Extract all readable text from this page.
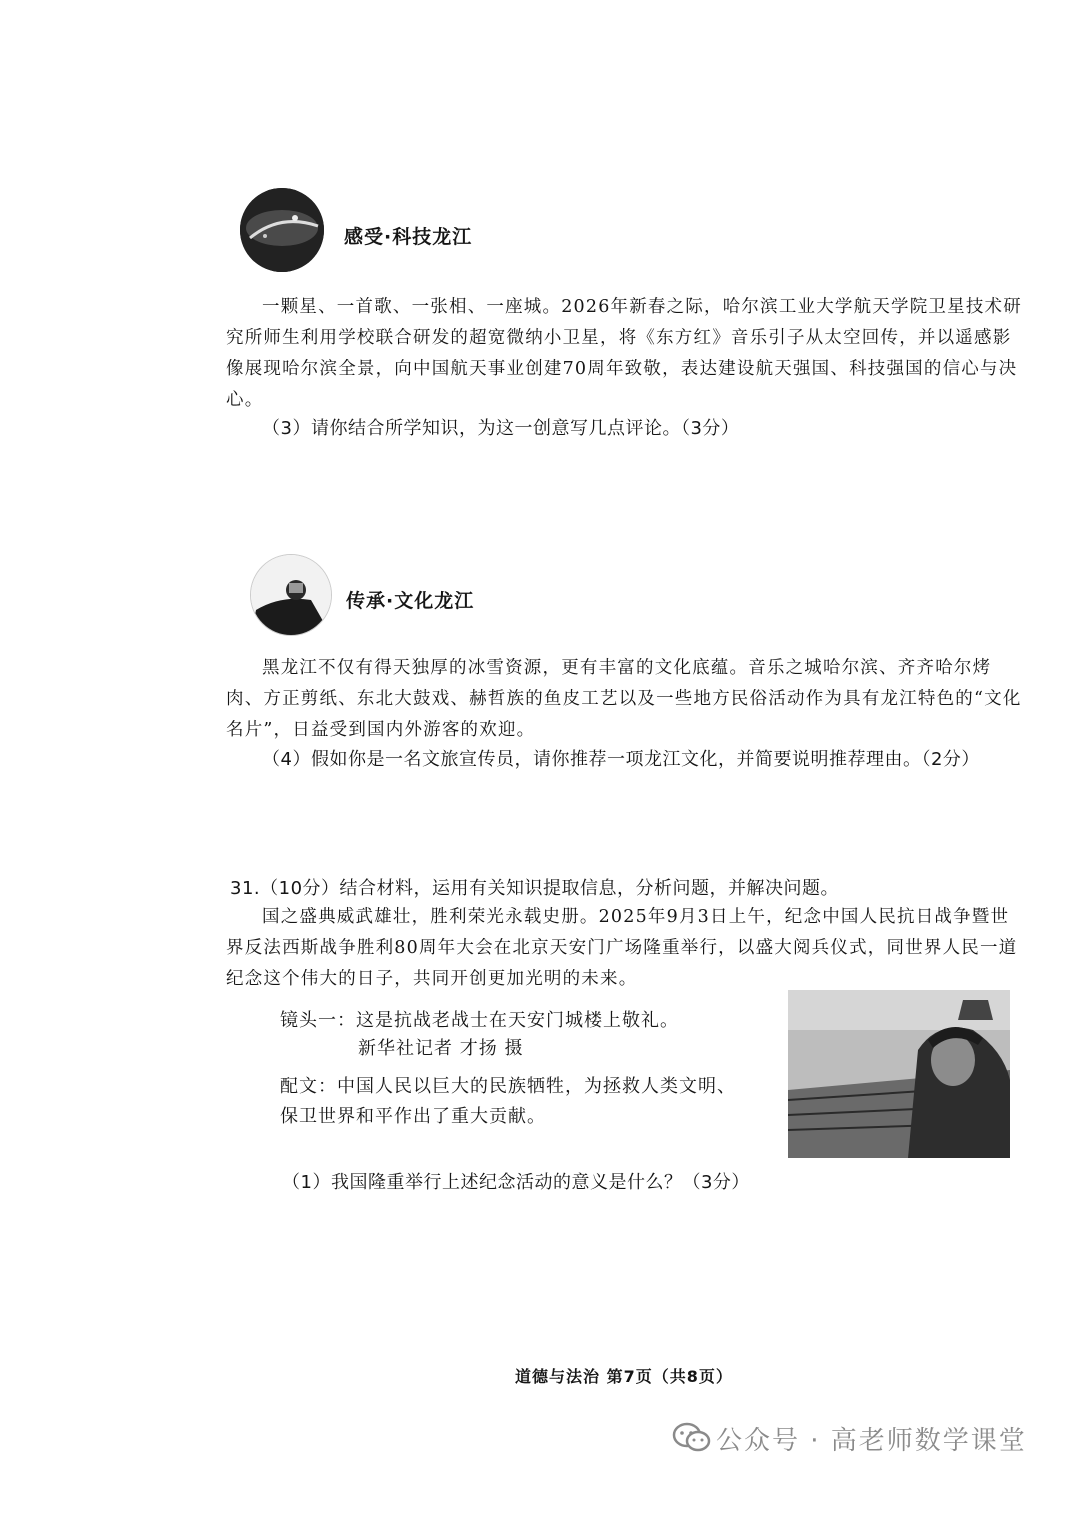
感受·科技龙江

一颗星、一首歌、一张相、一座城。2026年新春之际，哈尔滨工业大学航天学院卫星技术研究所师生利用学校联合研发的超宽微纳小卫星，将《东方红》音乐引子从太空回传，并以遥感影像展现哈尔滨全景，向中国航天事业创建70周年致敬，表达建设航天强国、科技强国的信心与决心。

（3）请你结合所学知识，为这一创意写几点评论。（3分）
传承·文化龙江

黑龙江不仅有得天独厚的冰雪资源，更有丰富的文化底蕴。音乐之城哈尔滨、齐齐哈尔烤肉、方正剪纸、东北大鼓戏、赫哲族的鱼皮工艺以及一些地方民俗活动作为具有龙江特色的“文化名片”，日益受到国内外游客的欢迎。

（4）假如你是一名文旅宣传员，请你推荐一项龙江文化，并简要说明推荐理由。（2分）
31.（10分）结合材料，运用有关知识提取信息，分析问题，并解决问题。

国之盛典威武雄壮，胜利荣光永载史册。2025年9月3日上午，纪念中国人民抗日战争暨世界反法西斯战争胜利80周年大会在北京天安门广场隆重举行，以盛大阅兵仪式，同世界人民一道纪念这个伟大的日子，共同开创更加光明的未来。

镜头一：这是抗战老战士在天安门城楼上敬礼。
新华社记者 才扬 摄
配文：中国人民以巨大的民族牺牲，为拯救人类文明、
保卫世界和平作出了重大贡献。
（1）我国隆重举行上述纪念活动的意义是什么？（3分）
道德与法治 第7页（共8页）
公众号 · 高老师数学课堂
